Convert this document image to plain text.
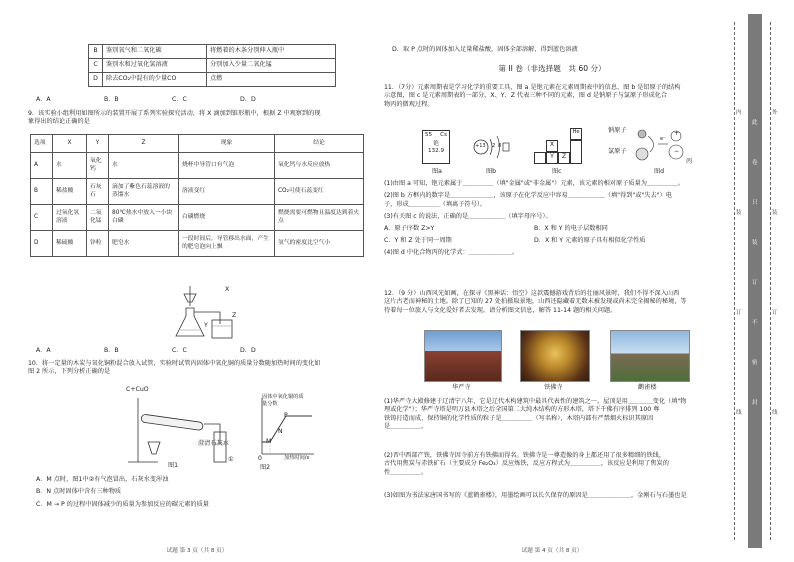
B	鉴别氧气和二氧化碳	将燃着的木条分别伸入瓶中
C	鉴别水和过氧化氢溶液	分别加入少量二氧化锰
D	除去CO₂中混有的少量CO	点燃
A．A	B．B	C．C	D．D
9．该实验小组利用如图所示的装置开展了系列实验探究活动，将 X 滴加到锥形瓶中，根据 Z 中观察到的现
象得出的结论正确的是
选项	X	Y	Z	现象	结论
A	水	氧化钙	水	烧杯中导管口有气泡	氧化钙与水反应放热
B	稀盐酸	石灰石	滴加了紫色石蕊溶液的蒸馏水	溶液变红	CO₂可使石蕊变红
C	过氧化氢溶液	二氧化锰	80℃热水中放入一小块白磷	白磷燃烧	燃烧需要可燃物且温度达到着火点
D	稀硫酸	锌粒	肥皂水	一段时间后，导管移出水面，产生的肥皂泡向上飘	氢气的密度比空气小
X
Y
Z
A．A	B．B	C．C	D．D
10．将一定量的木炭与氧化铜粉混合放入试管，实验时试管内固体中氧化铜的质量分数随加热时间的变化如
图 2 所示，下列分析正确的是
C+CuO
澄清石灰水
①
图1
固体中氧化铜的质量分数
M
N
P
0	加热时间/s
图2
A．M 点时，图1中②有气泡冒出，石灰水变浑浊
B．N 点时固体中含有三种物质
C．M → P 的过程中固体减少的质量为参加反应的碳元素的质量
试题 第 3 页（共 8 页）
D．取 P 点时的固体加入足量稀盐酸，固体全部溶解，得到蓝色溶液
第 II 卷（非选择题　共 60 分）
11．（7分）元素周期表是学习化学的重要工具，图 a 是铯元素在元素周期表中的信息，图 b 是铝原子的结构
示意图，图 c 是元素周期表的一部分，X、Y、Z 代表三种不同的元素，图 d 是钠原子与氯原子形成化合
物丙的微观过程。
55 Cs
铯
132.9
图a
+13 2 8
图b
He
X
Y	Z
图c
钠原子
氯原子
e⁻
+
−
丙
图d
(1)由图 a 可知，铯元素属于＿＿＿＿＿（填"金属"或"非金属"）元素，该元素的相对原子质量为＿＿＿＿＿。
(2)图 b 方框内的数字是＿＿＿＿＿＿＿，该原子在化学反应中容易＿＿＿＿＿＿（填"得到"或"失去"）电
子，形成＿＿＿＿＿（填离子符号）。
(3)有关图 c 的说法，正确的是＿＿＿＿＿＿（填字母序号）。
A．原子序数 Z>Y	B．X 和 Y 的电子层数相同
C．Y 和 Z 处于同一周期	D．X 和 Y 元素的原子具有相似化学性质
(4)图 d 中化合物丙的化学式：＿＿＿＿＿＿＿。
12．（9 分）山西风光如画，在探寻《黑神话：悟空》这款震撼游戏背后的壮丽风景时，我们不得不深入山西
这片古老而神秘的土地。除了已知的 27 处拍摄取景地，山西还隐藏着无数未被发现或尚未完全揭秘的秘境，等
待着每一位旅人与文化爱好者去发现。请分析图文信息，解答 11-14 题的相关问题。
华严寺	铁佛寺	鹳雀楼
(1)华严寺大殿修建于辽清宁八年，它是辽代木构建筑中最具代表性的建筑之一。屋顶是用＿＿＿＿变化（填"物
理或化学"）；华严寺塔是明万县木塔之后全国第二大纯木结构的方形木塔，塔下千佛有序排列 100 尊
铁铸打造而成，保持铜的化学性质的粒子是＿＿＿＿＿（写名称），木塔内部有严禁烟火标识其原因
是＿＿＿＿＿。
(2)晋中西部产铁，铁佛寺因寺前方有铁佛而得名。铁佛寺是一尊造像的身上都还用了很多精细的铁线，
古代用焦炭与赤铁矿石（主要成分 Fe₂O₃）反应炼铁，反应方程式为＿＿＿＿＿，该反应是利用了焦炭的
性＿＿＿＿＿。
(3)如图为书法家唐国书写的《蓝鹤雀楼》，用墨绘画可以长久保存的原因是＿＿＿＿＿＿＿，金刚石与石墨也是
试题 第 4 页（共 8 页）
内
装
订
线
此
卷
只
装
订
不
密
封
外
装
订
线
